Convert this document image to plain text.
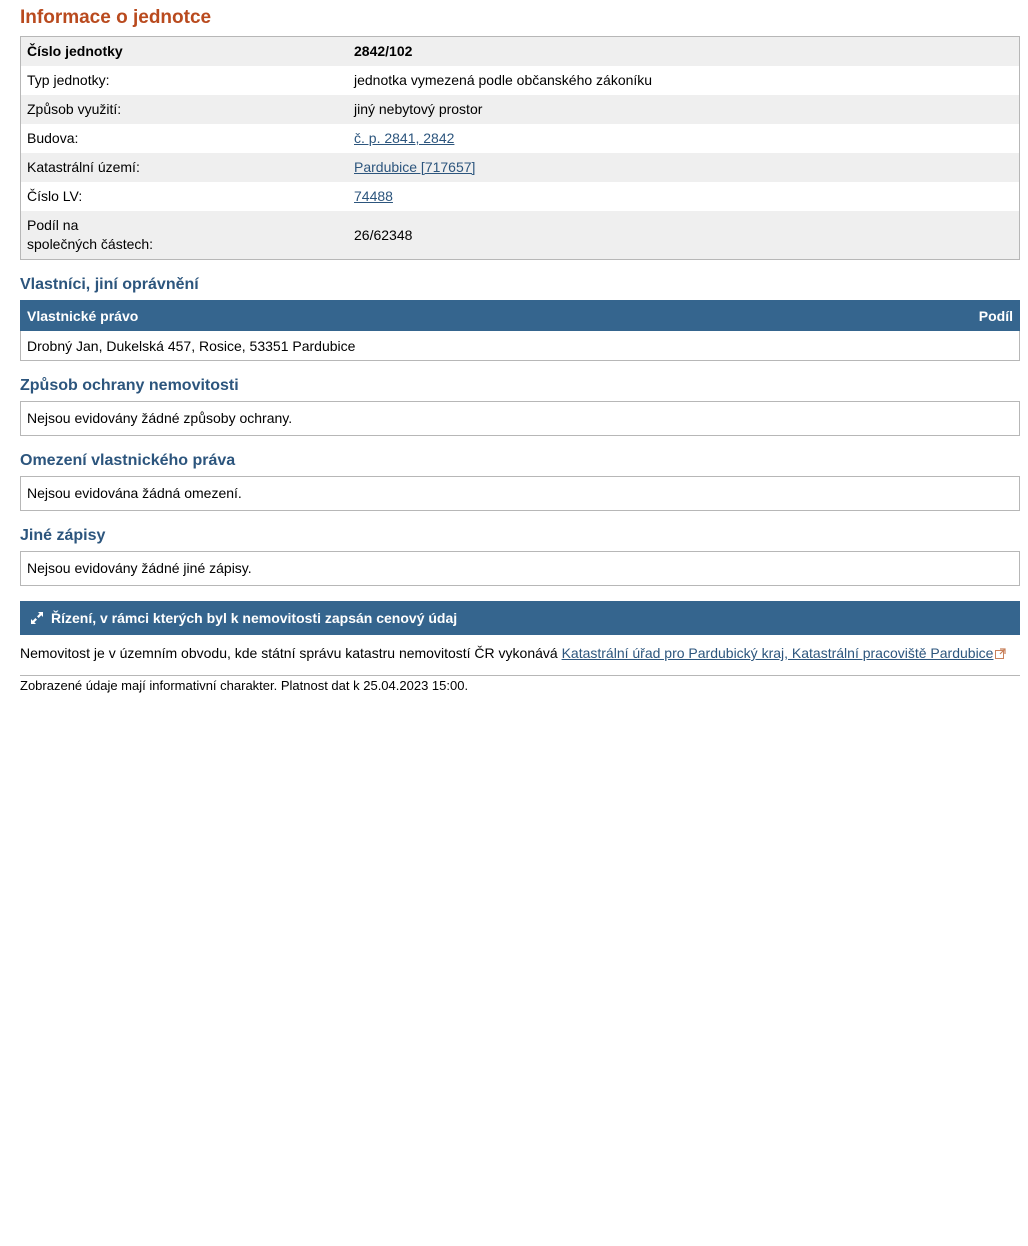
Informace o jednotce
Číslo jednotky	2842/102
Typ jednotky:	jednotka vymezená podle občanského zákoníku
Způsob využití:	jiný nebytový prostor
Budova:	č. p. 2841, 2842
Katastrální území:	Pardubice [717657]
Číslo LV:	74488
Podíl na
společných částech:	26/62348
Vlastníci, jiní oprávnění
Vlastnické právo	Podíl
Drobný Jan, Dukelská 457, Rosice, 53351 Pardubice	
Způsob ochrany nemovitosti
Nejsou evidovány žádné způsoby ochrany.
Omezení vlastnického práva
Nejsou evidována žádná omezení.
Jiné zápisy
Nejsou evidovány žádné jiné zápisy.
Řízení, v rámci kterých byl k nemovitosti zapsán cenový údaj
Nemovitost je v územním obvodu, kde státní správu katastru nemovitostí ČR vykonává Katastrální úřad pro Pardubický kraj, Katastrální pracoviště Pardubice
Zobrazené údaje mají informativní charakter. Platnost dat k 25.04.2023 15:00.
